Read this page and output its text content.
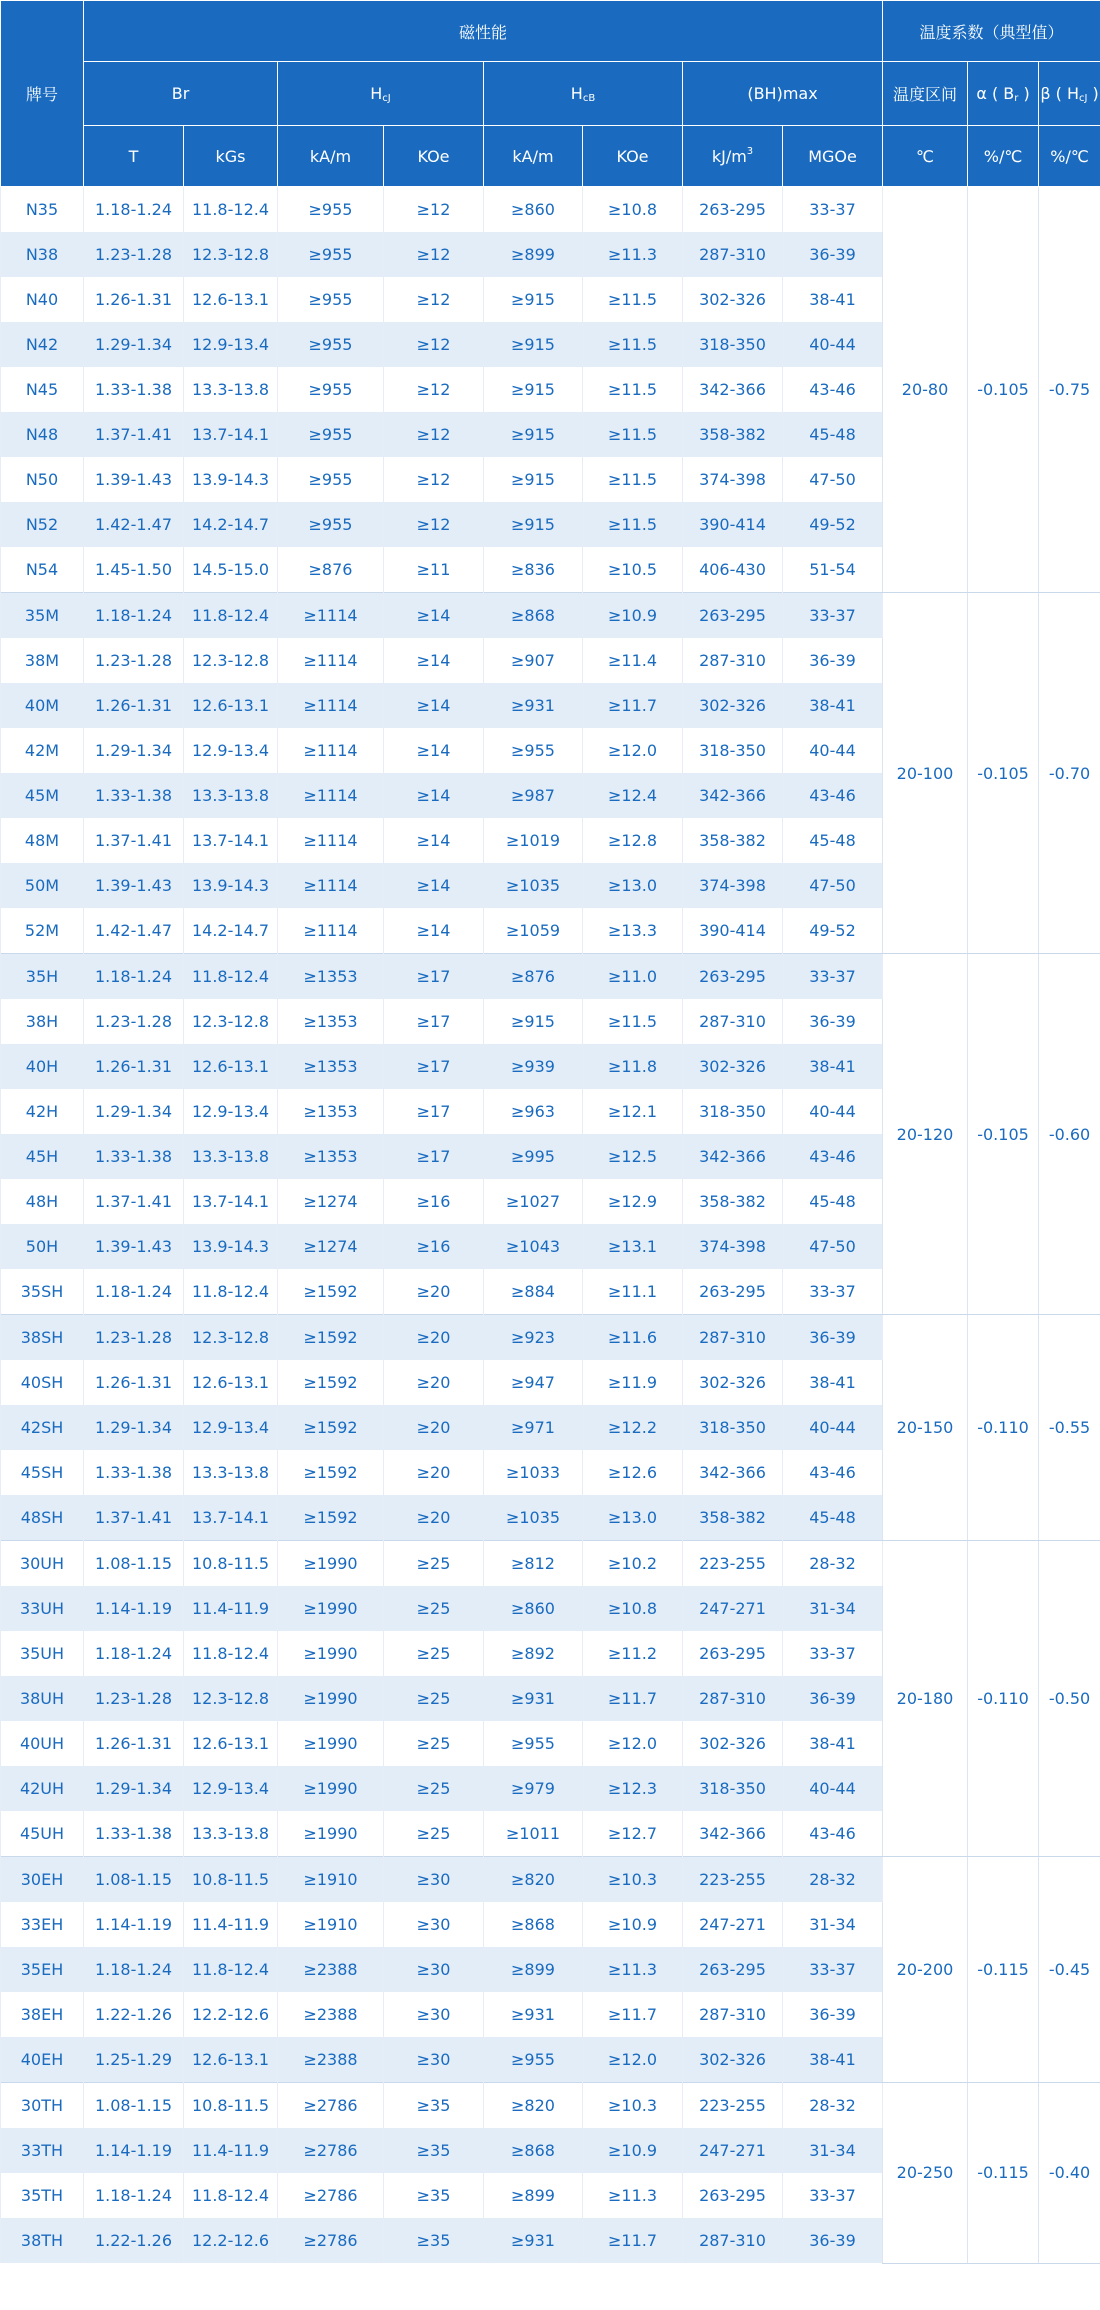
牌号	磁性能								温度系数（典型值）		
	Br		$H_{cJ}$		$H_{cB}$		(BH)max		温度区间	α ( $B_r$ )	β ( $H_{cJ}$ )
	T	kGs	kA/m	KOe	kA/m	KOe	$kJ/m^3$	MGOe	℃	%/℃	%/℃
N35	1.18-1.24	11.8-12.4	≥955	≥12	≥860	≥10.8	263-295	33-37	20-80	-0.105	-0.75
N38	1.23-1.28	12.3-12.8	≥955	≥12	≥899	≥11.3	287-310	36-39			
N40	1.26-1.31	12.6-13.1	≥955	≥12	≥915	≥11.5	302-326	38-41			
N42	1.29-1.34	12.9-13.4	≥955	≥12	≥915	≥11.5	318-350	40-44			
N45	1.33-1.38	13.3-13.8	≥955	≥12	≥915	≥11.5	342-366	43-46			
N48	1.37-1.41	13.7-14.1	≥955	≥12	≥915	≥11.5	358-382	45-48			
N50	1.39-1.43	13.9-14.3	≥955	≥12	≥915	≥11.5	374-398	47-50			
N52	1.42-1.47	14.2-14.7	≥955	≥12	≥915	≥11.5	390-414	49-52			
N54	1.45-1.50	14.5-15.0	≥876	≥11	≥836	≥10.5	406-430	51-54			
35M	1.18-1.24	11.8-12.4	≥1114	≥14	≥868	≥10.9	263-295	33-37	20-100	-0.105	-0.70
38M	1.23-1.28	12.3-12.8	≥1114	≥14	≥907	≥11.4	287-310	36-39			
40M	1.26-1.31	12.6-13.1	≥1114	≥14	≥931	≥11.7	302-326	38-41			
42M	1.29-1.34	12.9-13.4	≥1114	≥14	≥955	≥12.0	318-350	40-44			
45M	1.33-1.38	13.3-13.8	≥1114	≥14	≥987	≥12.4	342-366	43-46			
48M	1.37-1.41	13.7-14.1	≥1114	≥14	≥1019	≥12.8	358-382	45-48			
50M	1.39-1.43	13.9-14.3	≥1114	≥14	≥1035	≥13.0	374-398	47-50			
52M	1.42-1.47	14.2-14.7	≥1114	≥14	≥1059	≥13.3	390-414	49-52			
35H	1.18-1.24	11.8-12.4	≥1353	≥17	≥876	≥11.0	263-295	33-37	20-120	-0.105	-0.60
38H	1.23-1.28	12.3-12.8	≥1353	≥17	≥915	≥11.5	287-310	36-39			
40H	1.26-1.31	12.6-13.1	≥1353	≥17	≥939	≥11.8	302-326	38-41			
42H	1.29-1.34	12.9-13.4	≥1353	≥17	≥963	≥12.1	318-350	40-44			
45H	1.33-1.38	13.3-13.8	≥1353	≥17	≥995	≥12.5	342-366	43-46			
48H	1.37-1.41	13.7-14.1	≥1274	≥16	≥1027	≥12.9	358-382	45-48			
50H	1.39-1.43	13.9-14.3	≥1274	≥16	≥1043	≥13.1	374-398	47-50			
35SH	1.18-1.24	11.8-12.4	≥1592	≥20	≥884	≥11.1	263-295	33-37			
38SH	1.23-1.28	12.3-12.8	≥1592	≥20	≥923	≥11.6	287-310	36-39	20-150	-0.110	-0.55
40SH	1.26-1.31	12.6-13.1	≥1592	≥20	≥947	≥11.9	302-326	38-41			
42SH	1.29-1.34	12.9-13.4	≥1592	≥20	≥971	≥12.2	318-350	40-44			
45SH	1.33-1.38	13.3-13.8	≥1592	≥20	≥1033	≥12.6	342-366	43-46			
48SH	1.37-1.41	13.7-14.1	≥1592	≥20	≥1035	≥13.0	358-382	45-48			
30UH	1.08-1.15	10.8-11.5	≥1990	≥25	≥812	≥10.2	223-255	28-32	20-180	-0.110	-0.50
33UH	1.14-1.19	11.4-11.9	≥1990	≥25	≥860	≥10.8	247-271	31-34			
35UH	1.18-1.24	11.8-12.4	≥1990	≥25	≥892	≥11.2	263-295	33-37			
38UH	1.23-1.28	12.3-12.8	≥1990	≥25	≥931	≥11.7	287-310	36-39			
40UH	1.26-1.31	12.6-13.1	≥1990	≥25	≥955	≥12.0	302-326	38-41			
42UH	1.29-1.34	12.9-13.4	≥1990	≥25	≥979	≥12.3	318-350	40-44			
45UH	1.33-1.38	13.3-13.8	≥1990	≥25	≥1011	≥12.7	342-366	43-46			
30EH	1.08-1.15	10.8-11.5	≥1910	≥30	≥820	≥10.3	223-255	28-32	20-200	-0.115	-0.45
33EH	1.14-1.19	11.4-11.9	≥1910	≥30	≥868	≥10.9	247-271	31-34			
35EH	1.18-1.24	11.8-12.4	≥2388	≥30	≥899	≥11.3	263-295	33-37			
38EH	1.22-1.26	12.2-12.6	≥2388	≥30	≥931	≥11.7	287-310	36-39			
40EH	1.25-1.29	12.6-13.1	≥2388	≥30	≥955	≥12.0	302-326	38-41			
30TH	1.08-1.15	10.8-11.5	≥2786	≥35	≥820	≥10.3	223-255	28-32	20-250	-0.115	-0.40
33TH	1.14-1.19	11.4-11.9	≥2786	≥35	≥868	≥10.9	247-271	31-34			
35TH	1.18-1.24	11.8-12.4	≥2786	≥35	≥899	≥11.3	263-295	33-37			
38TH	1.22-1.26	12.2-12.6	≥2786	≥35	≥931	≥11.7	287-310	36-39			
